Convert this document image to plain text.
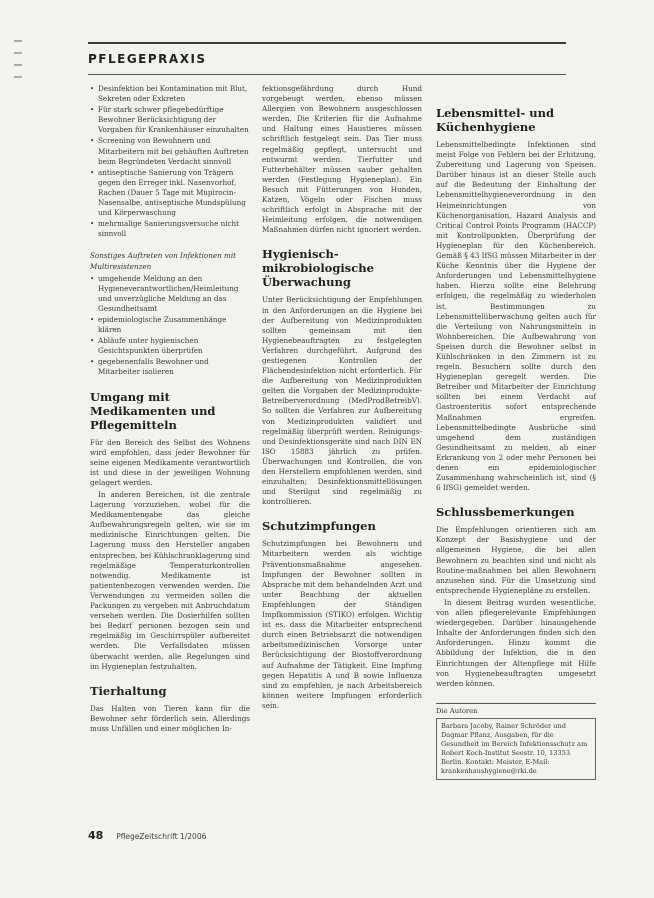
PFLEGEPRAXIS
• Desinfektion bei Kontamination mit Blut, Sekreten oder Exkreten
• Für stark schwer pflegebedürftige Bewohner Berücksichtigung der Vorgaben für Krankenhäuser einzuhalten
• Screening von Bewohnern und Mitarbeitern mit bei gehäuften Auftreten beim Begründeten Verdacht sinnvoll
• antiseptische Sanierung von Trägern gegen den Erreger inkl. Nasenvorhof, Rachen (Dauer 5 Tage mit Mupirocin-Nasensalbe, antiseptische Mundspülung und Körperwaschung
• mehrmalige Sanierungsversuche nicht sinnvoll
Sonstiges Auftreten von Infektionen mit Multiresistenzen
• umgehende Meldung an den Hygieneverantwortlichen/Heimleitung und unverzügliche Meldung an das Gesundheitsamt
• epidemiologische Zusammenhänge klären
• Abläufe unter hygienischen Gesichtspunkten überprüfen
• gegebenenfalls Bewohner und Mitarbeiter isolieren
Umgang mit Medikamenten und Pflegemitteln

Für den Bereich des Selbst des Wohnens wird empfohlen, dass jeder Bewohner für seine eigenen Medikamente verantwortlich ist und diese in der jeweiligen Wohnung gelagert werden.

In anderen Bereichen, ist die zentrale Lagerung vorzuziehen, wobei für die Medikamentengabe das gleiche Aufbewahrungsregeln gelten, wie sie im medizinische Einrichtungen gelten. Die Lagerung muss den Hersteller angaben entsprechen, bei Kühlschranklagerung sind regelmäßige Temperaturkontrollen notwendig. Medikamente ist patientenbezogen verwenden werden. Die Verwendungen zu vermeiden sollen die Packungen zu vergeben mit Anbruchdatum versehen werden. Die Dosierhilfen sollten bei Bedarf personen bezogen sein und regelmäßig im Geschirrspüler aufbereitet werden. Die Verfallsdaten müssen überwacht werden, alle Regelungen sind im Hygieneplan festzuhalten.

Tierhaltung

Das Halten von Tieren kann für die Bewohner sehr förderlich sein. Allerdings muss Unfällen und einer möglichen In-

fektionsgefährdung durch Hund vorgebeugt werden, ebenso müssen Allergien von Bewohnern ausgeschlossen werden. Die Kriterien für die Aufnahme und Haltung eines Haustieres müssen schriftlich festgelegt sein. Das Tier muss regelmäßig gepflegt, untersucht und entwurmt werden. Tierfutter und Futterbehälter müssen sauber gehalten werden (Festlegung Hygieneplan). Ein Besuch mit Fütterungen von Hunden, Katzen, Vögeln oder Fischen muss schriftlich erfolgt in Absprache mit der Heimleitung erfolgen, die notwendigen Maßnahmen dürfen nicht ignoriert werden.

Hygienisch-mikrobiologische Überwachung

Unter Berücksichtigung der Empfehlungen in den Anforderungen an die Hygiene bei der Aufbereitung von Medizinprodukten sollten gemeinsam mit den Hygienebeauftragten zu festgelegten Verfahren durchgeführt. Aufgrund des gestiegenen Kontrollen der Flächendesinfektion nicht erforderlich. Für die Aufbereitung von Medizinprodukten gelten die Vorgaben der Medizinprodukte-Betreiberverordnung (MedProdBetreibV). So sollten die Verfahren zur Aufbereitung von Medizinprodukten validiert und regelmäßig überprüft werden. Reinigungs- und Desinfektionsgeräte sind nach DIN EN ISO 15883 jährlich zu prüfen. Überwachungen und Kontrollen, die von den Herstellern empfohlenen werden, sind einzuhalten; Desinfektionsmittellösungen und Sterilgut sind regelmäßig zu kontrollieren.

Schutzimpfungen

Schutzimpfungen bei Bewohnern und Mitarbeitern werden als wichtige Präventionsmaßnahme angesehen. Impfungen der Bewohner sollten in Absprache mit dem behandelnden Arzt und unter Beachtung der aktuellen Empfehlungen der Ständigen Impfkommission (STIKO) erfolgen. Wichtig ist es, dass die Mitarbeiter entsprechend durch einen Betriebsarzt die notwendigen arbeitsmedizinischen Vorsorge unter Berücksichtigung der Biostoffverordnung auf Aufnahme der Tätigkeit. Eine Impfung gegen Hepatitis A und B sowie Influenza sind zu empfehlen, je nach Arbeitsbereich können weitere Impfungen erforderlich sein.

Lebensmittel- und Küchenhygiene

Lebensmittelbedingte Infektionen sind meist Folge von Fehlern bei der Erhitzung, Zubereitung und Lagerung von Speisen. Darüber hinaus ist an dieser Stelle auch auf die Bedeutung der Einhaltung der Lebensmittelhygieneverordnung in den Heimeinrichtungen von Küchenorganisation, Hazard Analysis and Critical Control Points Programm (HACCP) mit Kontrollpunkten, Überprüfung der Hygieneplan für den Küchenbereich. Gemäß § 43 IfSG müssen Mitarbeiter in der Küche Kenntnis über die Hygiene der Anforderungen und Lebensmittelhygiene haben. Hierzu sollte eine Belehrung erfolgen, die regelmäßig zu wiederholen ist. Bestimmungen zu Lebensmittelüberwachung gelten auch für die Verteilung von Nahrungsmitteln in Wohnbereichen. Die Aufbewahrung von Speisen durch die Bewohner selbst in Kühlschränken in den Zimmern ist zu regeln. Besuchern sollte durch den Hygieneplan geregelt werden. Die Betreiber und Mitarbeiter der Einrichtung sollten bei einem Verdacht auf Gastroenteritis sofort entsprechende Maßnahmen ergreifen. Lebensmittelbedingte Ausbrüche sind umgehend dem zuständigen Gesundheitsamt zu melden, ab einer Erkrankung von 2 oder mehr Personen bei denen ein epidemiologischer Zusammenhang wahrscheinlich ist, sind (§ 6 IfSG) gemeldet werden.

Schlussbemerkungen

Die Empfehlungen orientieren sich am Konzept der Basishygiene und der allgemeinen Hygiene, die bei allen Bewohnern zu beachten sind und nicht als Routine-maßnahmen bei allen Bewohnern anzusehen sind. Für die Umsetzung sind entsprechende Hygienepläne zu erstellen.

In diesem Beitrag wurden wesentliche, von allen pflegerelevante Empfehlungen wiedergegeben. Darüber hinausgehende Inhalte der Anforderungen finden sich den Anforderungen. Hinzu kommt die Abbildung der Infektion, die in den Einrichtungen der Altenpflege mit Hilfe von Hygienebeauftragten umgesetzt werden können.

Die Autoren
Barbara Jacoby, Rainer Schröder und Dagmar Pflanz, Ausgaben, für die Gesundheit im Bereich Infektionsschutz am Robert Koch-Institut Seestr. 10, 13353 Berlin. Kontakt: Meister, E-Mail: krankenhaushygiene@rki.de
48 PflegeZeitschrift 1/2006
